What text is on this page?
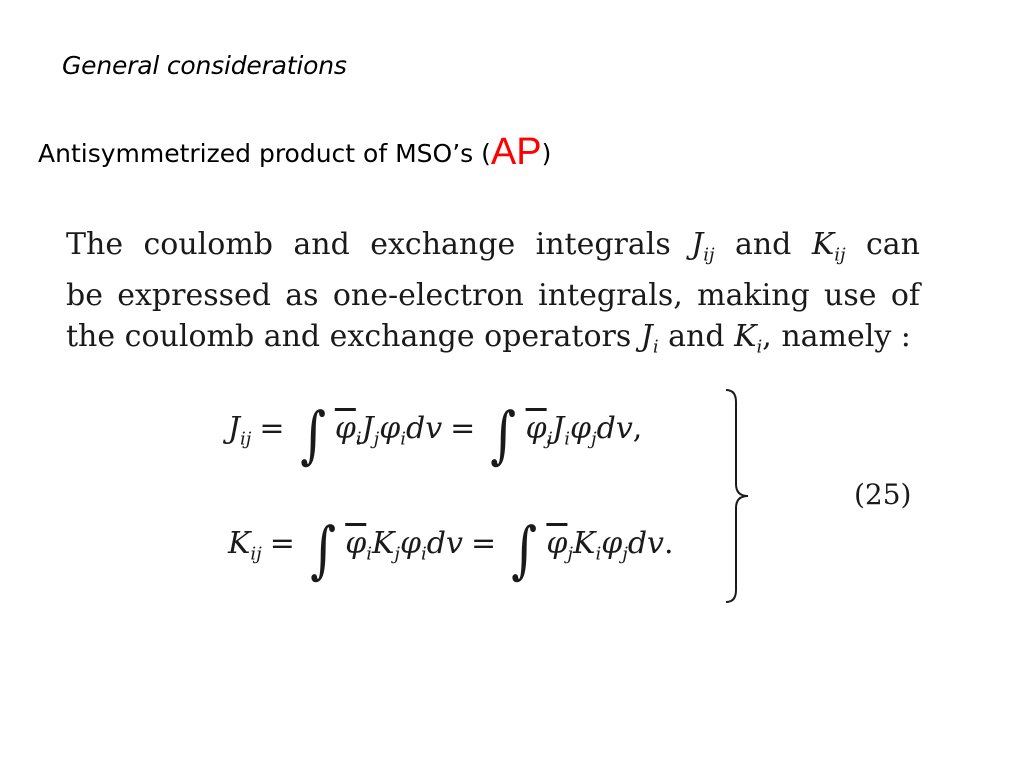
General considerations
Antisymmetrized product of MSO’s (AP)
The coulomb and exchange integrals $J_{ij}$ and $K_{ij}$ can
be expressed as one-electron integrals, making use of
the coulomb and exchange operators $J_i$ and $K_i$, namely :
$J_{ij}$ = ∫ $\overline{\varphi}_iJ_j\varphi_idv$ = ∫ $\overline{\varphi}_jJ_i\varphi_jdv$,
$K_{ij}$ = ∫ $\overline{\varphi}_iK_j\varphi_idv$ = ∫ $\overline{\varphi}_jK_i\varphi_jdv$.
(25)
